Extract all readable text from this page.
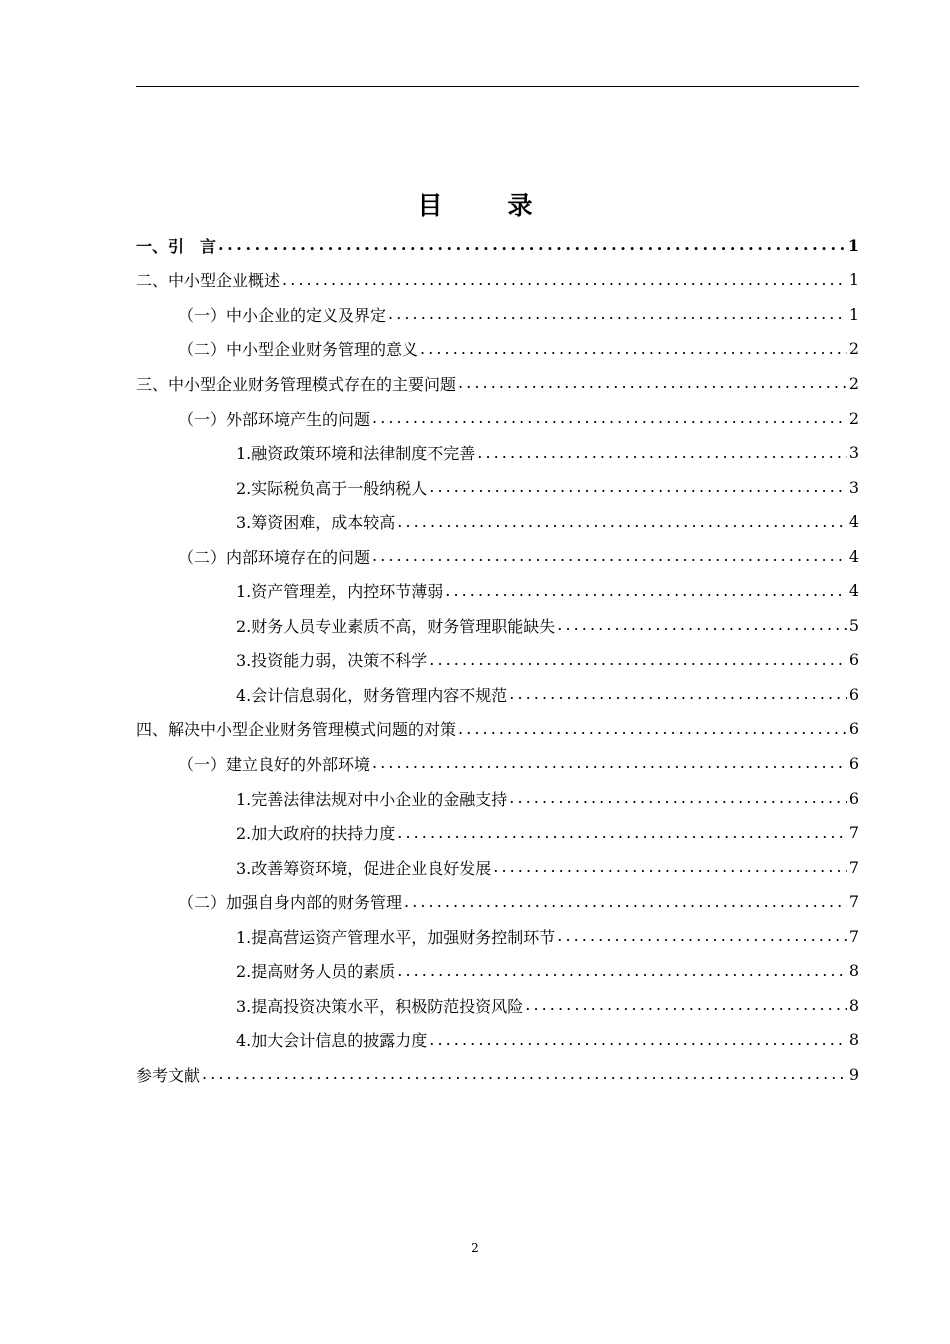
目　录
一、引　言 . . .	1
二、中小型企业概述 . . .	1
（一）中小企业的定义及界定 . . .	1
（二）中小型企业财务管理的意义 . . .	2
三、中小型企业财务管理模式存在的主要问题 . . .	2
（一）外部环境产生的问题 . . .	2
1.融资政策环境和法律制度不完善 . . .	3
2.实际税负高于一般纳税人 . . .	3
3.筹资困难，成本较高 . . .	4
（二）内部环境存在的问题 . . .	4
1.资产管理差，内控环节薄弱 . . .	4
2.财务人员专业素质不高，财务管理职能缺失 . . .	5
3.投资能力弱，决策不科学 . . .	6
4.会计信息弱化，财务管理内容不规范 . . .	6
四、解决中小型企业财务管理模式问题的对策 . . .	6
（一）建立良好的外部环境 . . .	6
1.完善法律法规对中小企业的金融支持 . . .	6
2.加大政府的扶持力度 . . .	7
3.改善筹资环境，促进企业良好发展 . . .	7
（二）加强自身内部的财务管理 . . .	7
1.提高营运资产管理水平，加强财务控制环节 . . .	7
2.提高财务人员的素质 . . .	8
3.提高投资决策水平，积极防范投资风险 . . .	8
4.加大会计信息的披露力度 . . .	8
参考文献 . . .	9
2
